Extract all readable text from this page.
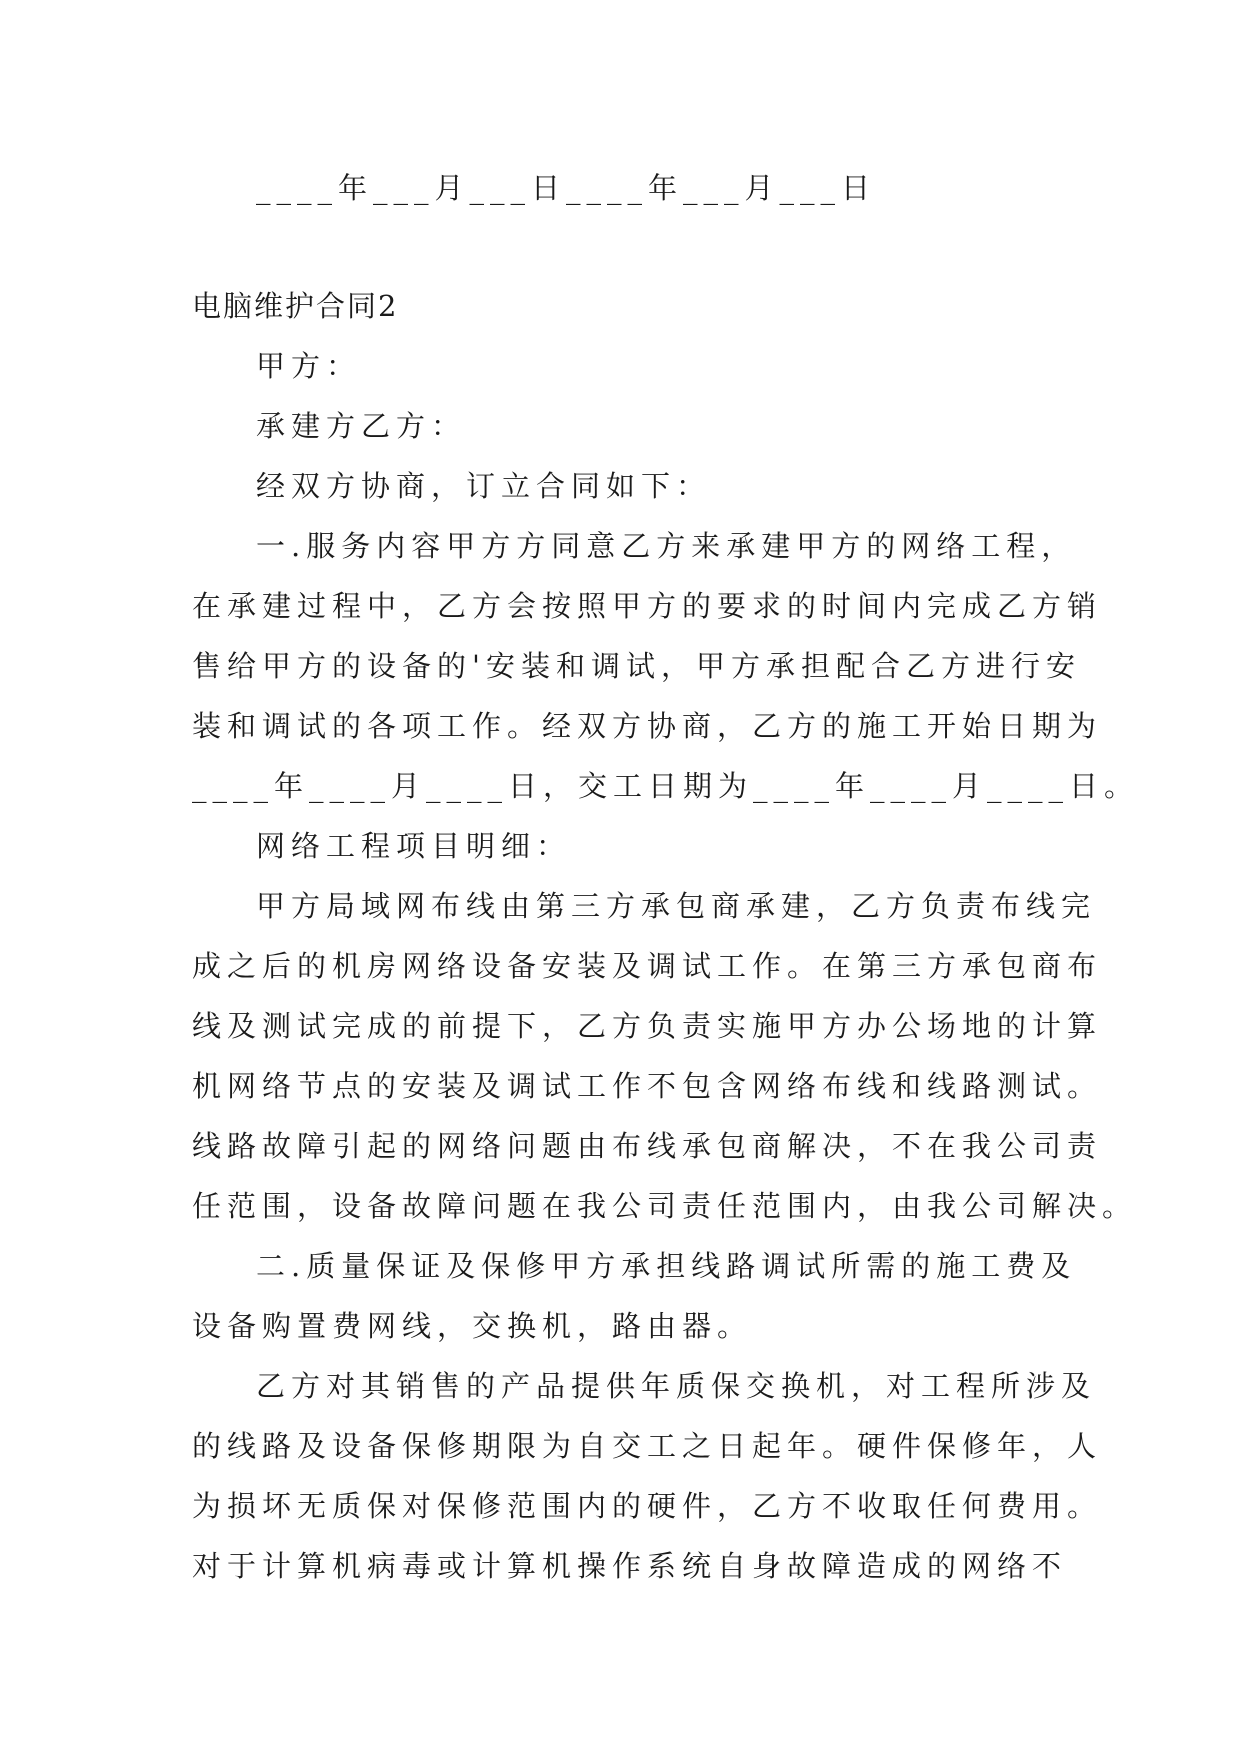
____年___月___日____年___月___日
电脑维护合同2
甲方：
承建方乙方：
经双方协商，订立合同如下：
一.服务内容甲方方同意乙方来承建甲方的网络工程，
在承建过程中，乙方会按照甲方的要求的时间内完成乙方销
售给甲方的设备的'安装和调试，甲方承担配合乙方进行安
装和调试的各项工作。经双方协商，乙方的施工开始日期为
____年____月____日，交工日期为____年____月____日。
网络工程项目明细：
甲方局域网布线由第三方承包商承建，乙方负责布线完
成之后的机房网络设备安装及调试工作。在第三方承包商布
线及测试完成的前提下，乙方负责实施甲方办公场地的计算
机网络节点的安装及调试工作不包含网络布线和线路测试。
线路故障引起的网络问题由布线承包商解决，不在我公司责
任范围，设备故障问题在我公司责任范围内，由我公司解决。
二.质量保证及保修甲方承担线路调试所需的施工费及
设备购置费网线，交换机，路由器。
乙方对其销售的产品提供年质保交换机，对工程所涉及
的线路及设备保修期限为自交工之日起年。硬件保修年，人
为损坏无质保对保修范围内的硬件，乙方不收取任何费用。
对于计算机病毒或计算机操作系统自身故障造成的网络不
